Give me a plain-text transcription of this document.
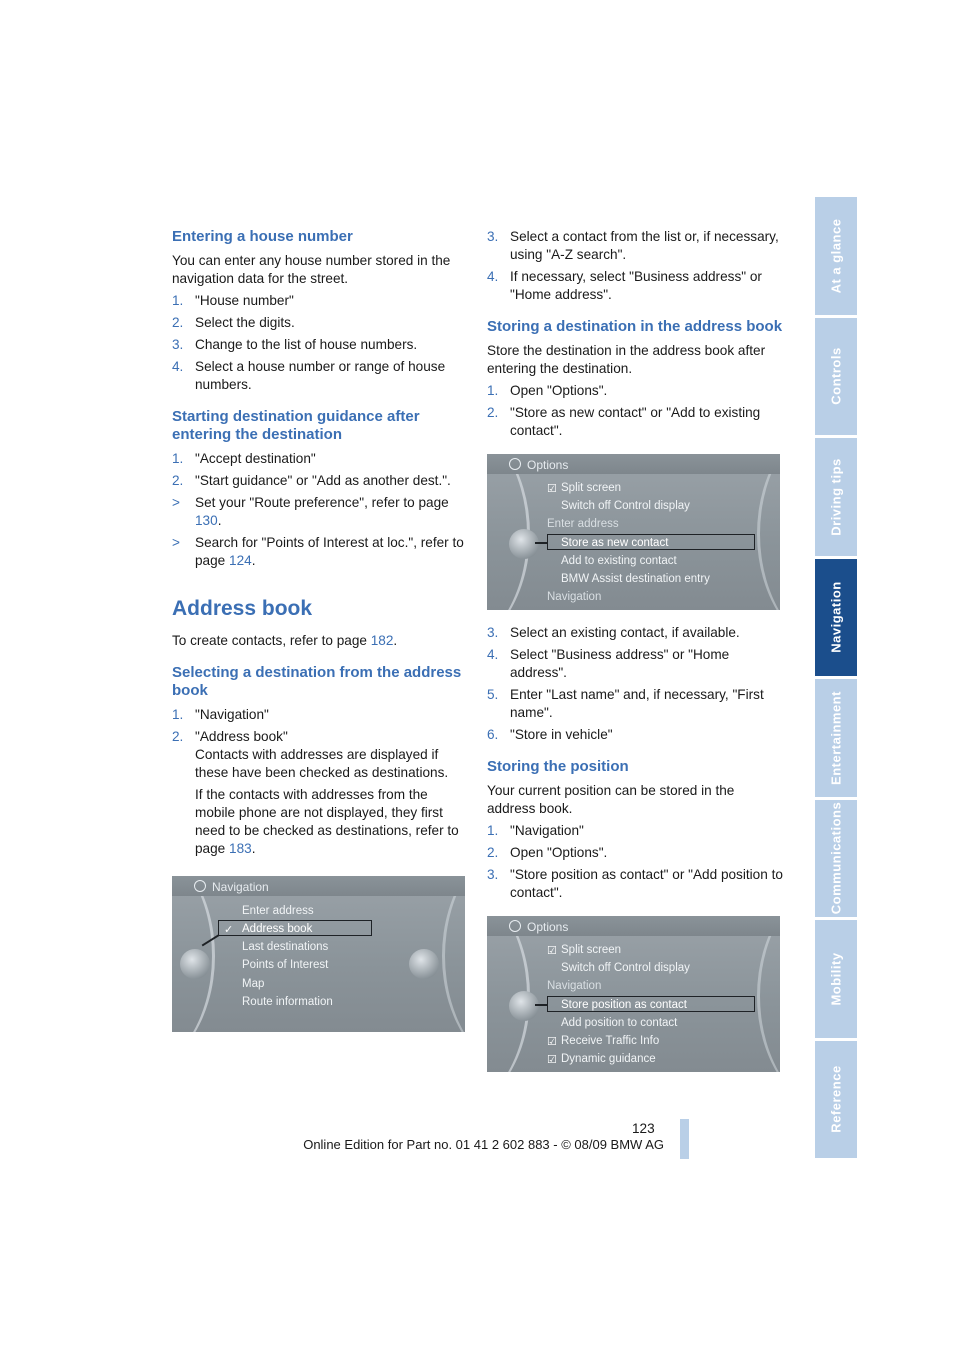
Entering a house number

You can enter any house number stored in the navigation data for the street.

1. "House number"
2. Select the digits.
3. Change to the list of house numbers.
4. Select a house number or range of house numbers.
Starting destination guidance after entering the destination
1. "Accept destination"
2. "Start guidance" or "Add as another dest.".
> Set your "Route preference", refer to page 130.
> Search for "Points of Interest at loc.", refer to page 124.
Address book

To create contacts, refer to page 182.

Selecting a destination from the address book
1. "Navigation"
2. "Address book"
Contacts with addresses are displayed if these have been checked as destinations.
If the contacts with addresses from the mobile phone are not displayed, they first need to be checked as destinations, refer to page 183.
Navigation
Enter address
✓ Address book
Last destinations
Points of Interest
Map
Route information
3. Select a contact from the list or, if necessary, using "A-Z search".
4. If necessary, select "Business address" or "Home address".
Storing a destination in the address book

Store the destination in the address book after entering the destination.

1. Open "Options".
2. "Store as new contact" or "Add to existing contact".
Options
☑ Split screen
Switch off Control display
Enter address
Store as new contact
Add to existing contact
BMW Assist destination entry
Navigation
3. Select an existing contact, if available.
4. Select "Business address" or "Home address".
5. Enter "Last name" and, if necessary, "First name".
6. "Store in vehicle"
Storing the position

Your current position can be stored in the address book.

1. "Navigation"
2. Open "Options".
3. "Store position as contact" or "Add position to contact".
Options
☑ Split screen
Switch off Control display
Navigation
Store position as contact
Add position to contact
☑ Receive Traffic Info
☑ Dynamic guidance
At a glance
Controls
Driving tips
Navigation
Entertainment
Communications
Mobility
Reference
123
Online Edition for Part no. 01 41 2 602 883 - © 08/09 BMW AG
